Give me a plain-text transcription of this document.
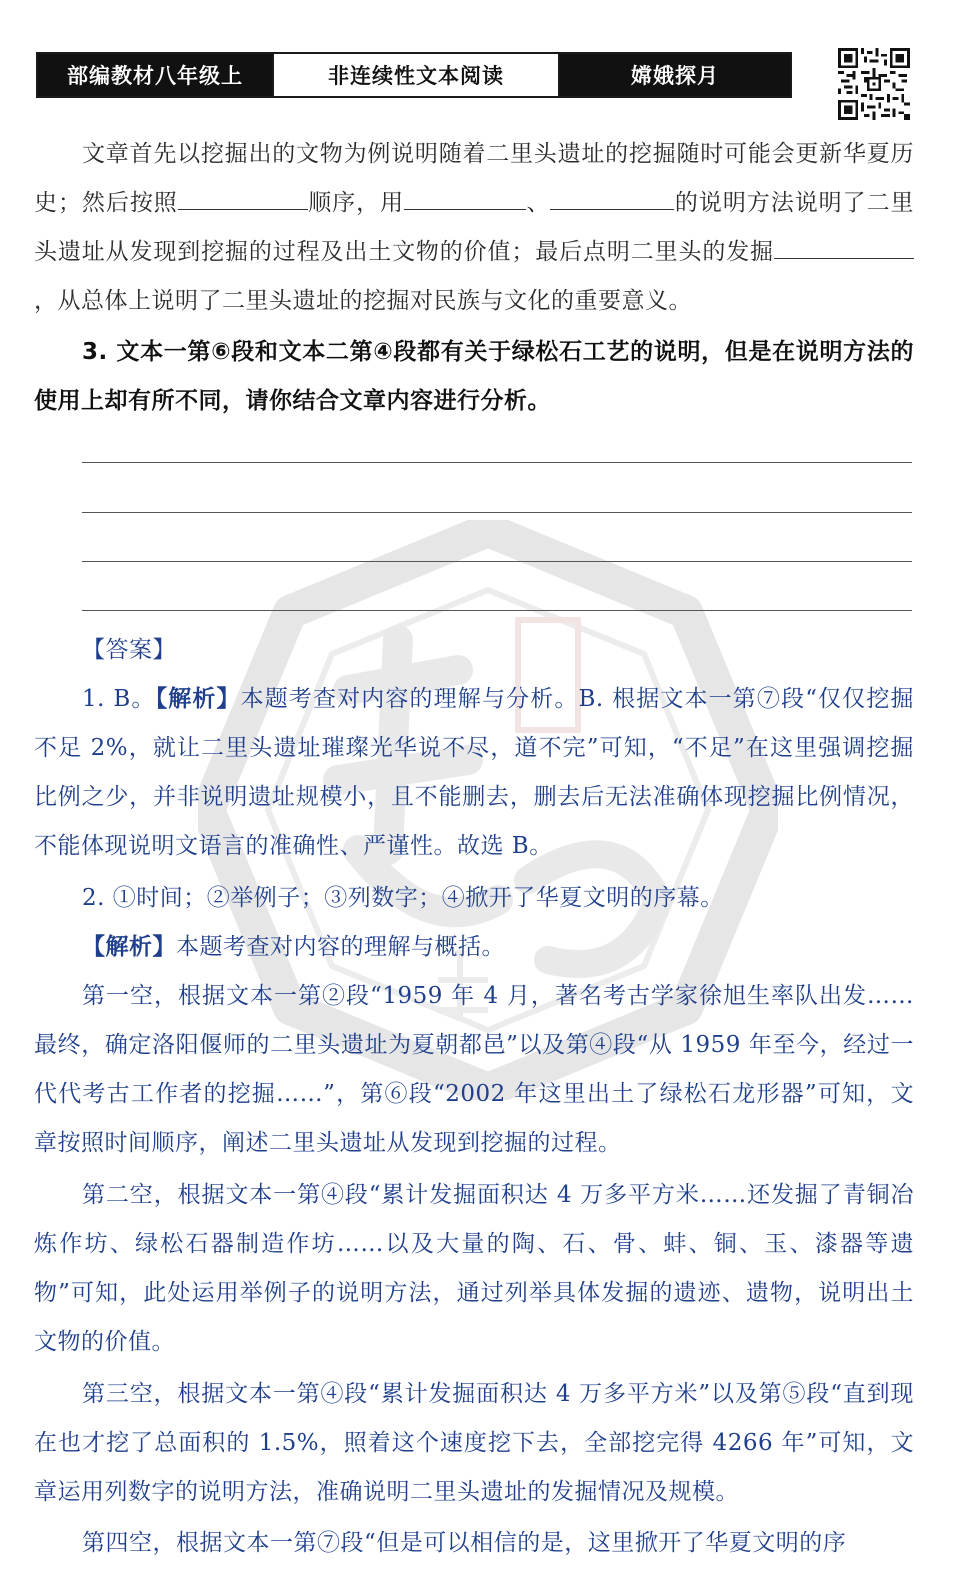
部编教材八年级上	非连续性文本阅读	嫦娥探月
文章首先以挖掘出的文物为例说明随着二里头遗址的挖掘随时可能会更新华夏历史；然后按照	顺序，用	、	的说明方法说明了二里头遗址从发现到挖掘的过程及出土文物的价值；最后点明二里头的发掘，从总体上说明了二里头遗址的挖掘对民族与文化的重要意义。
3. 文本一第⑥段和文本二第④段都有关于绿松石工艺的说明，但是在说明方法的使用上却有所不同，请你结合文章内容进行分析。
【答案】
1. B。【解析】本题考查对内容的理解与分析。B. 根据文本一第⑦段“仅仅挖掘不足 2%，就让二里头遗址璀璨光华说不尽，道不完”可知，“不足”在这里强调挖掘比例之少，并非说明遗址规模小，且不能删去，删去后无法准确体现挖掘比例情况，不能体现说明文语言的准确性、严谨性。故选 B。
2. ①时间；②举例子；③列数字；④掀开了华夏文明的序幕。
【解析】本题考查对内容的理解与概括。
第一空，根据文本一第②段“1959 年 4 月，著名考古学家徐旭生率队出发……最终，确定洛阳偃师的二里头遗址为夏朝都邑”以及第④段“从 1959 年至今，经过一代代考古工作者的挖掘……”，第⑥段“2002 年这里出土了绿松石龙形器”可知，文章按照时间顺序，阐述二里头遗址从发现到挖掘的过程。
第二空，根据文本一第④段“累计发掘面积达 4 万多平方米……还发掘了青铜冶炼作坊、绿松石器制造作坊……以及大量的陶、石、骨、蚌、铜、玉、漆器等遗物”可知，此处运用举例子的说明方法，通过列举具体发掘的遗迹、遗物，说明出土文物的价值。
第三空，根据文本一第④段“累计发掘面积达 4 万多平方米”以及第⑤段“直到现在也才挖了总面积的 1.5%，照着这个速度挖下去，全部挖完得 4266 年”可知，文章运用列数字的说明方法，准确说明二里头遗址的发掘情况及规模。
第四空，根据文本一第⑦段“但是可以相信的是，这里掀开了华夏文明的序
